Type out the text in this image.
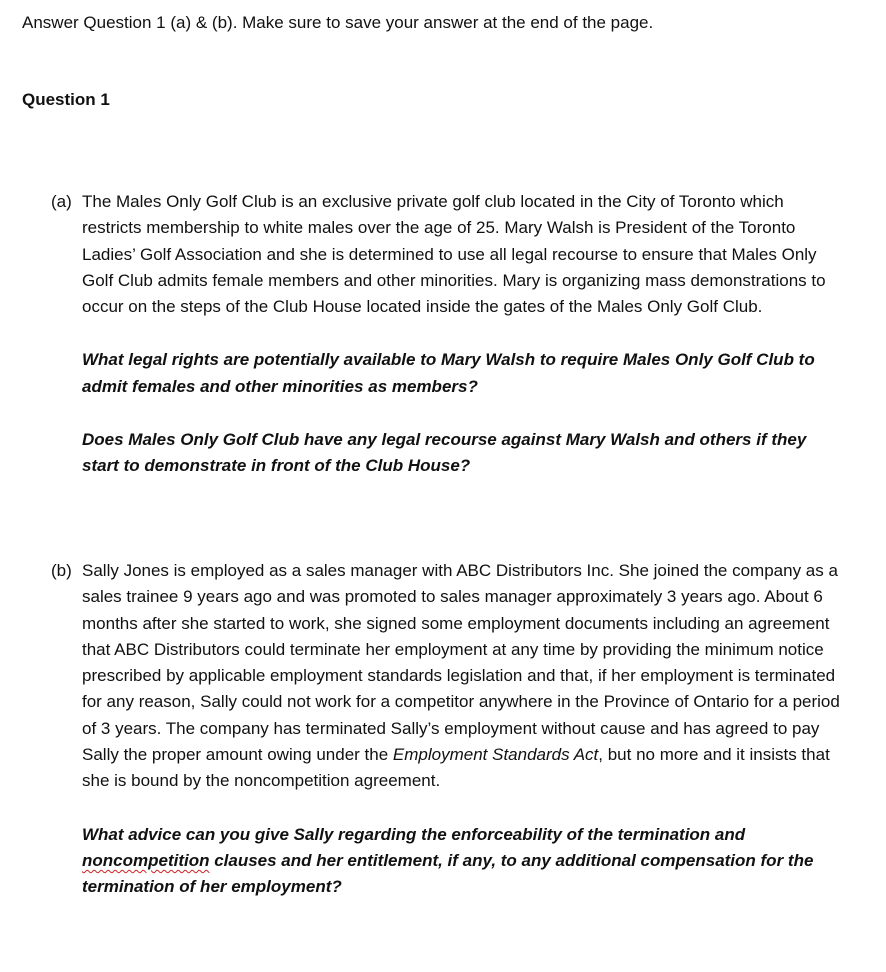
Answer Question 1 (a) & (b). Make sure to save your answer at the end of the page.

Question 1
(a) The Males Only Golf Club is an exclusive private golf club located in the City of Toronto which restricts membership to white males over the age of 25. Mary Walsh is President of the Toronto Ladies’ Golf Association and she is determined to use all legal recourse to ensure that Males Only Golf Club admits female members and other minorities. Mary is organizing mass demonstrations to occur on the steps of the Club House located inside the gates of the Males Only Golf Club.

What legal rights are potentially available to Mary Walsh to require Males Only Golf Club to admit females and other minorities as members?

Does Males Only Golf Club have any legal recourse against Mary Walsh and others if they start to demonstrate in front of the Club House?

(b) Sally Jones is employed as a sales manager with ABC Distributors Inc. She joined the company as a sales trainee 9 years ago and was promoted to sales manager approximately 3 years ago. About 6 months after she started to work, she signed some employment documents including an agreement that ABC Distributors could terminate her employment at any time by providing the minimum notice prescribed by applicable employment standards legislation and that, if her employment is terminated for any reason, Sally could not work for a competitor anywhere in the Province of Ontario for a period of 3 years. The company has terminated Sally’s employment without cause and has agreed to pay Sally the proper amount owing under the Employment Standards Act, but no more and it insists that she is bound by the noncompetition agreement.

What advice can you give Sally regarding the enforceability of the termination and noncompetition clauses and her entitlement, if any, to any additional compensation for the termination of her employment?
